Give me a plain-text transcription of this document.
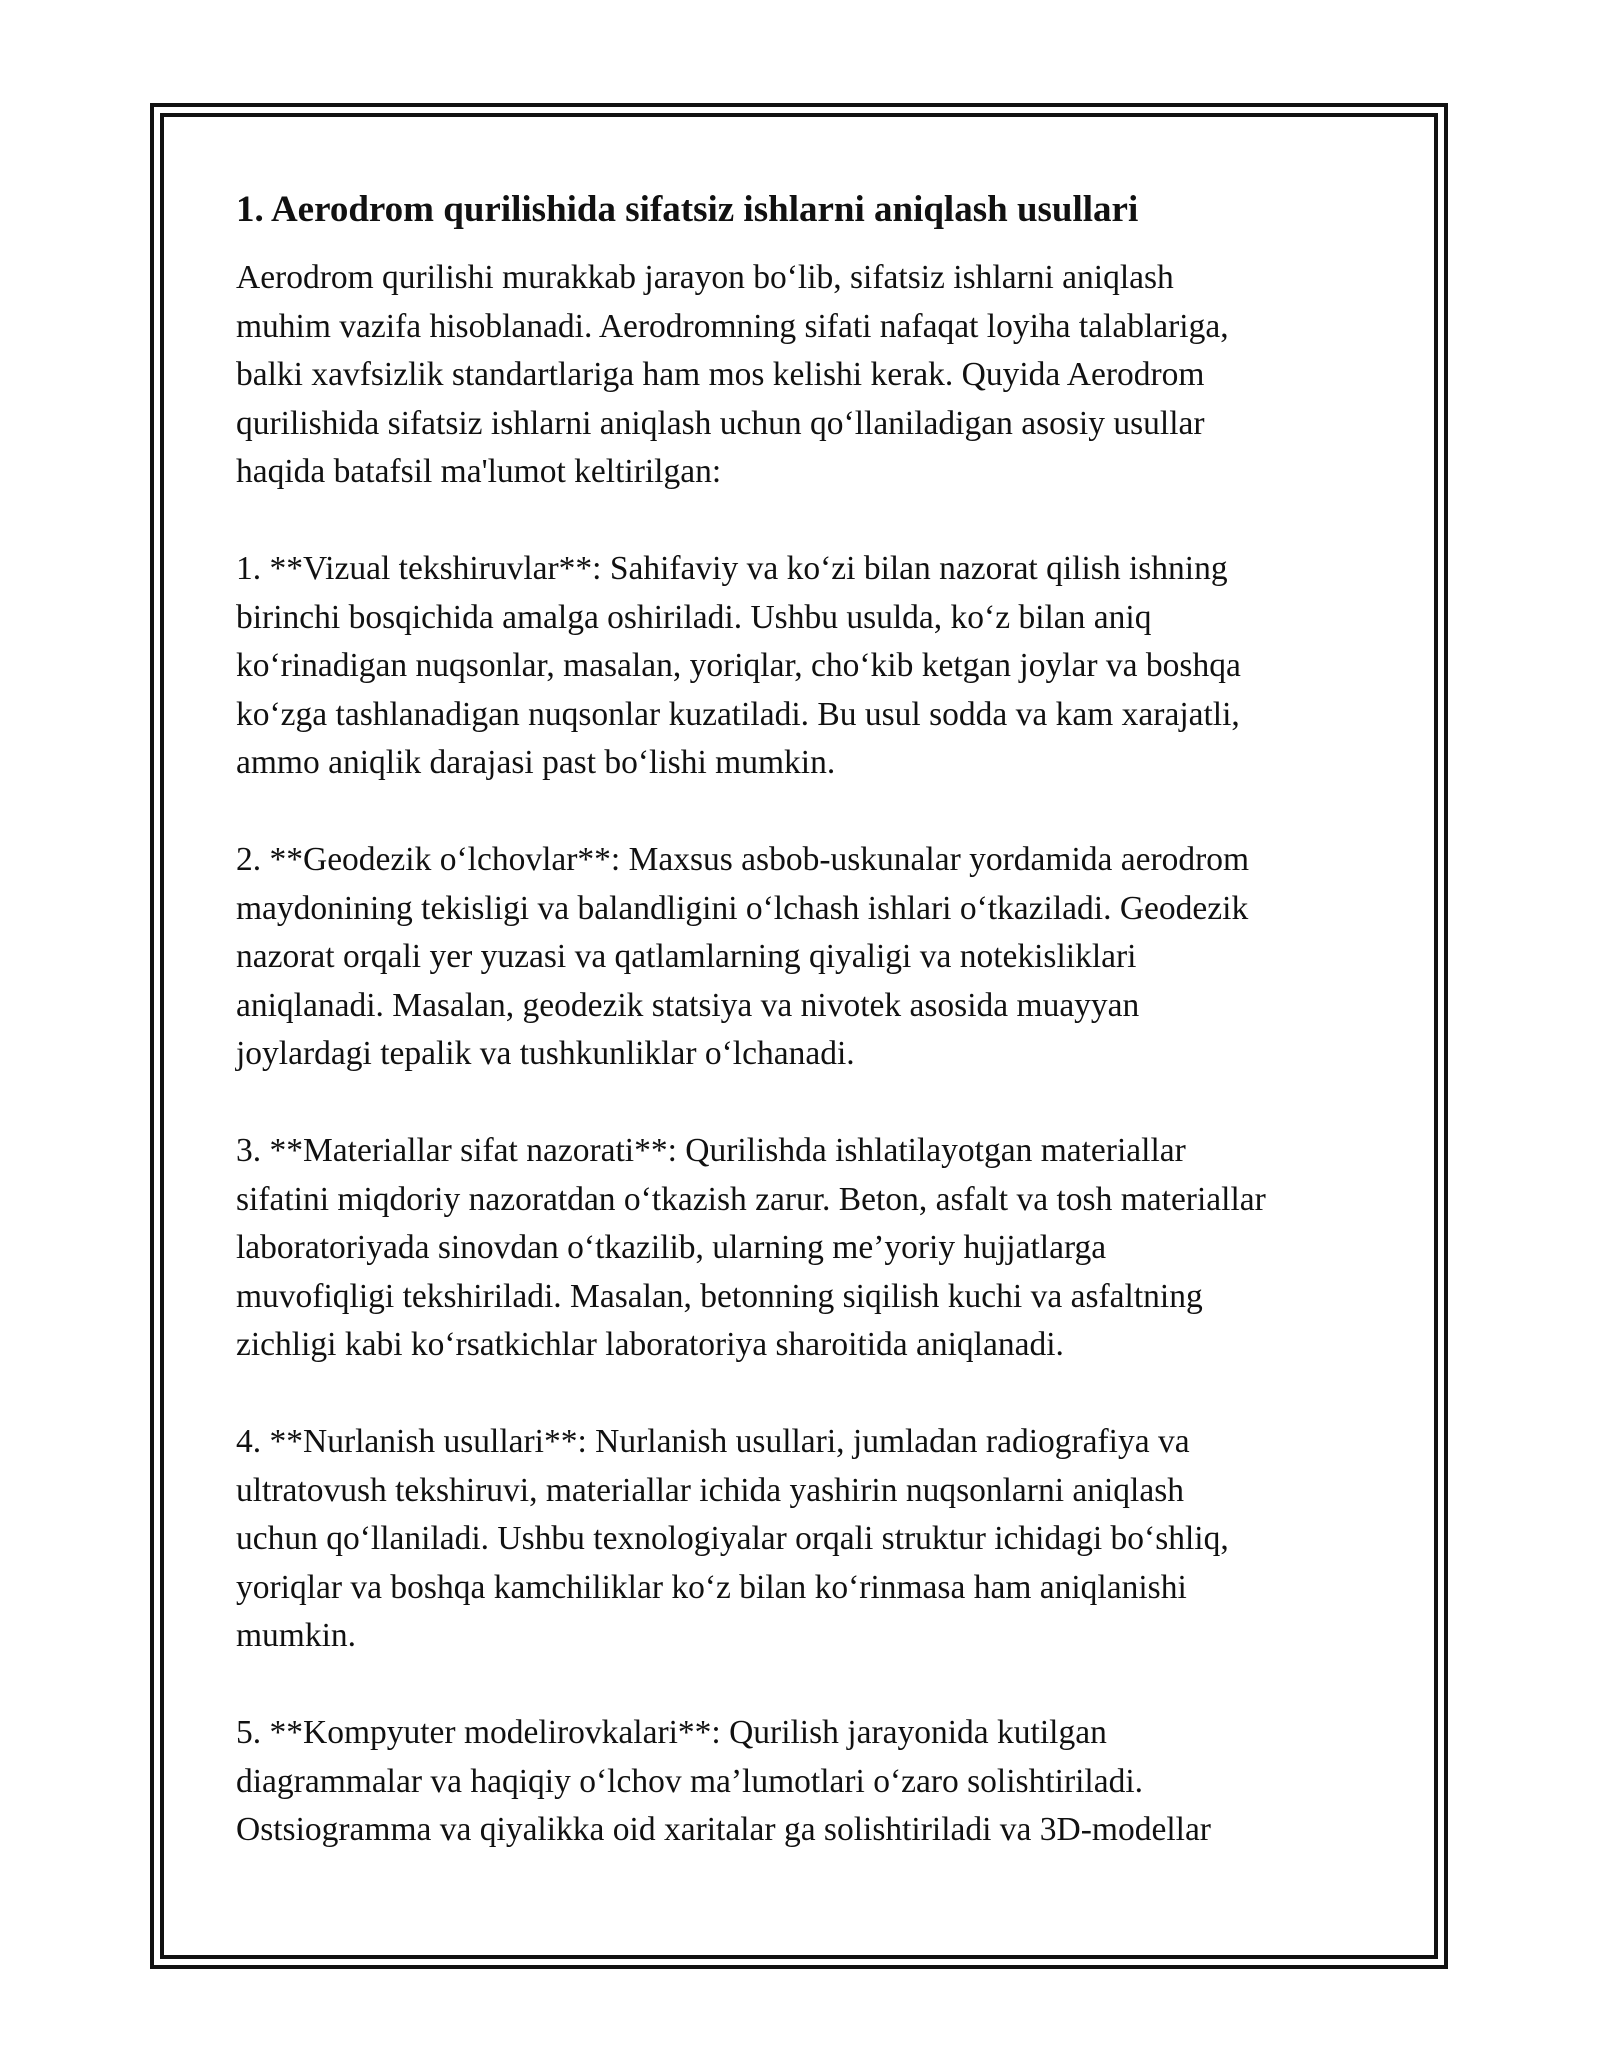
1. Aerodrom qurilishida sifatsiz ishlarni aniqlash usullari
Aerodrom qurilishi murakkab jarayon bo‘lib, sifatsiz ishlarni aniqlash
muhim vazifa hisoblanadi. Aerodromning sifati nafaqat loyiha talablariga,
balki xavfsizlik standartlariga ham mos kelishi kerak. Quyida Aerodrom
qurilishida sifatsiz ishlarni aniqlash uchun qo‘llaniladigan asosiy usullar
haqida batafsil ma'lumot keltirilgan:
1. **Vizual tekshiruvlar**: Sahifaviy va ko‘zi bilan nazorat qilish ishning
birinchi bosqichida amalga oshiriladi. Ushbu usulda, ko‘z bilan aniq
ko‘rinadigan nuqsonlar, masalan, yoriqlar, cho‘kib ketgan joylar va boshqa
ko‘zga tashlanadigan nuqsonlar kuzatiladi. Bu usul sodda va kam xarajatli,
ammo aniqlik darajasi past bo‘lishi mumkin.
2. **Geodezik o‘lchovlar**: Maxsus asbob-uskunalar yordamida aerodrom
maydonining tekisligi va balandligini o‘lchash ishlari o‘tkaziladi. Geodezik
nazorat orqali yer yuzasi va qatlamlarning qiyaligi va notekisliklari
aniqlanadi. Masalan, geodezik statsiya va nivotek asosida muayyan
joylardagi tepalik va tushkunliklar o‘lchanadi.
3. **Materiallar sifat nazorati**: Qurilishda ishlatilayotgan materiallar
sifatini miqdoriy nazoratdan o‘tkazish zarur. Beton, asfalt va tosh materiallar
laboratoriyada sinovdan o‘tkazilib, ularning me’yoriy hujjatlarga
muvofiqligi tekshiriladi. Masalan, betonning siqilish kuchi va asfaltning
zichligi kabi ko‘rsatkichlar laboratoriya sharoitida aniqlanadi.
4. **Nurlanish usullari**: Nurlanish usullari, jumladan radiografiya va
ultratovush tekshiruvi, materiallar ichida yashirin nuqsonlarni aniqlash
uchun qo‘llaniladi. Ushbu texnologiyalar orqali struktur ichidagi bo‘shliq,
yoriqlar va boshqa kamchiliklar ko‘z bilan ko‘rinmasa ham aniqlanishi
mumkin.
5. **Kompyuter modelirovkalari**: Qurilish jarayonida kutilgan
diagrammalar va haqiqiy o‘lchov ma’lumotlari o‘zaro solishtiriladi.
Ostsiogramma va qiyalikka oid xaritalar ga solishtiriladi va 3D-modellar
